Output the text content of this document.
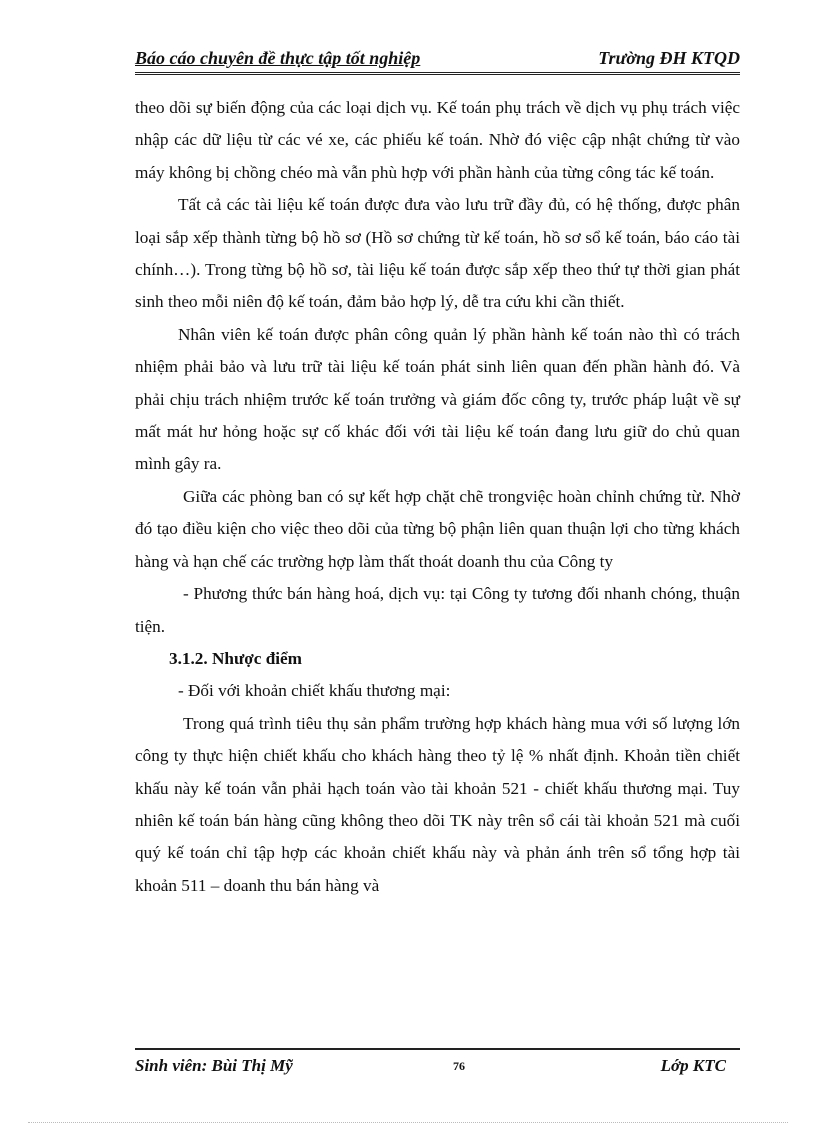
Báo cáo chuyên đề thực tập tốt nghiệp	Trường ĐH KTQD

theo dõi sự biến động của các loại dịch vụ. Kế toán phụ trách về dịch vụ phụ trách việc nhập các dữ liệu từ các vé xe, các phiếu kế toán. Nhờ đó việc cập nhật chứng từ vào máy không bị chồng chéo mà vẫn phù hợp với phần hành của từng công tác kế toán.

Tất cả các tài liệu kế toán được đưa vào lưu trữ đầy đủ, có hệ thống, được phân loại sắp xếp thành từng bộ hồ sơ (Hồ sơ chứng từ kế toán, hồ sơ sổ kế toán, báo cáo tài chính…). Trong từng bộ hồ sơ, tài liệu kế toán được sắp xếp theo thứ tự thời gian phát sinh theo mỗi niên độ kế toán, đảm bảo hợp lý, dễ tra cứu khi cần thiết.

Nhân viên kế toán được phân công quản lý phần hành kế toán nào thì có trách nhiệm phải bảo và lưu trữ tài liệu kế toán phát sinh liên quan đến phần hành đó. Và phải chịu trách nhiệm trước kế toán trưởng và giám đốc công ty, trước pháp luật về sự mất mát hư hỏng hoặc sự cố khác đối với tài liệu kế toán đang lưu giữ do chủ quan mình gây ra.

Giữa các phòng ban có sự kết hợp chặt chẽ trongviệc hoàn chỉnh chứng từ. Nhờ đó tạo điều kiện cho việc theo dõi của từng bộ phận liên quan thuận lợi cho từng khách hàng và hạn chế các trường hợp làm thất thoát doanh thu của Công ty

- Phương thức bán hàng hoá, dịch vụ: tại Công ty tương đối nhanh chóng, thuận tiện.

3.1.2. Nhược điểm

- Đối với khoản chiết khấu thương mại:

Trong quá trình tiêu thụ sản phẩm trường hợp khách hàng mua với số lượng lớn công ty thực hiện chiết khấu cho khách hàng theo tỷ lệ % nhất định. Khoản tiền chiết khấu này kế toán vẫn phải hạch toán vào tài khoản 521 - chiết khấu thương mại. Tuy nhiên kế toán bán hàng cũng không theo dõi TK này trên sổ cái tài khoản 521 mà cuối quý kế toán chỉ tập hợp các khoản chiết khấu này và phản ánh trên sổ tổng hợp tài khoản 511 – doanh thu bán hàng và

Sinh viên: Bùi Thị Mỹ	76	Lớp KTC
